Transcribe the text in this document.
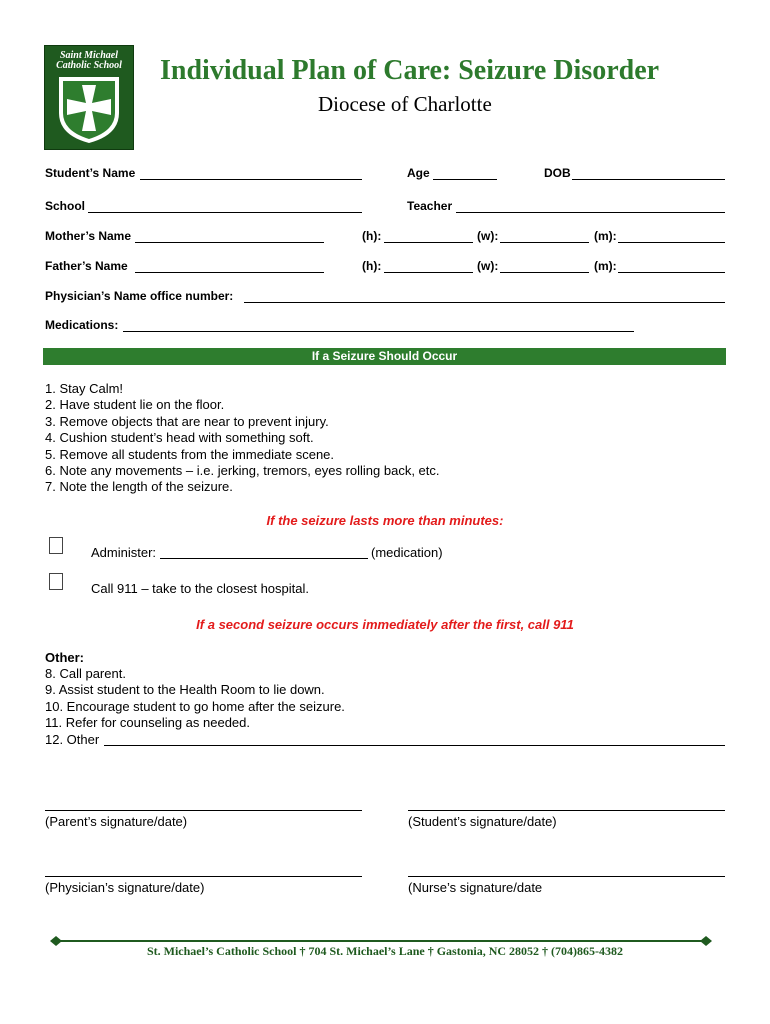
Saint Michael
Catholic School	Individual Plan of Care: Seizure Disorder
Diocese of Charlotte
Student’s Name	Age	DOB
School	Teacher
Mother’s Name	(h):	(w):	(m):
Father’s Name	(h):	(w):	(m):
Physician’s Name office number:
Medications:
If a Seizure Should Occur
1. Stay Calm!
2. Have student lie on the floor.
3. Remove objects that are near to prevent injury.
4. Cushion student’s head with something soft.
5. Remove all students from the immediate scene.
6. Note any movements – i.e. jerking, tremors, eyes rolling back, etc.
7. Note the length of the seizure.
If the seizure lasts more than minutes:
Administer:	(medication)
Call 911 – take to the closest hospital.
If a second seizure occurs immediately after the first, call 911
Other:
8. Call parent.
9. Assist student to the Health Room to lie down.
10. Encourage student to go home after the seizure.
11. Refer for counseling as needed.
12. Other
(Parent’s signature/date)	(Student’s signature/date)
(Physician’s signature/date)	(Nurse’s signature/date
St. Michael’s Catholic School † 704 St. Michael’s Lane † Gastonia, NC 28052 † (704)865-4382
